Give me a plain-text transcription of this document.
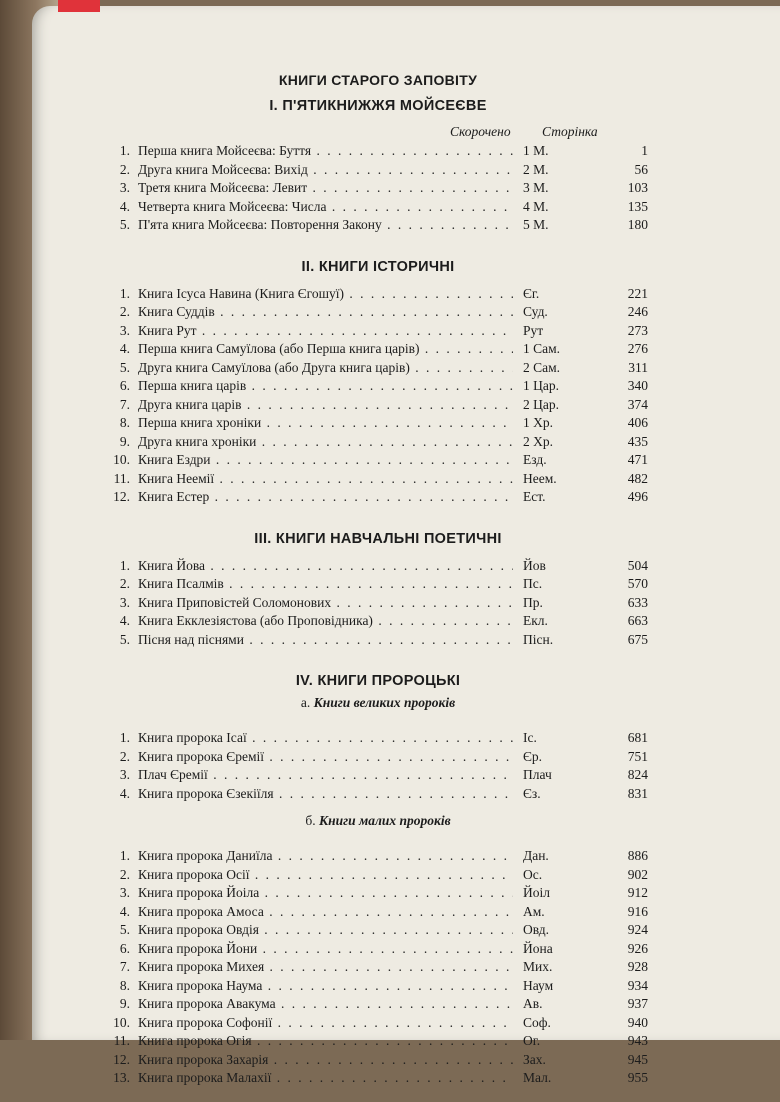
КНИГИ СТАРОГО ЗАПОВІТУ
І. П'ЯТИКНИЖЖЯ МОЙСЕЄВЕ
Скорочено Сторінка
1. Перша книга Мойсеєва: Буття . . .	1 М.	1
2. Друга книга Мойсеєва: Вихід . . .	2 М.	56
3. Третя книга Мойсеєва: Левит . . .	3 М.	103
4. Четверта книга Мойсеєва: Числа . . .	4 М.	135
5. П'ята книга Мойсеєва: Повторення Закону . . .	5 М.	180
II. КНИГИ ІСТОРИЧНІ
1. Книга Ісуса Навина (Книга Єгошуї) . . .	Єг.	221
2. Книга Суддів . . .	Суд.	246
3. Книга Рут . . .	Рут	273
4. Перша книга Самуїлова (або Перша книга царів) . . .	1 Сам.	276
5. Друга книга Самуїлова (або Друга книга царів) . . .	2 Сам.	311
6. Перша книга царів . . .	1 Цар.	340
7. Друга книга царів . . .	2 Цар.	374
8. Перша книга хроніки . . .	1 Хр.	406
9. Друга книга хроніки . . .	2 Хр.	435
10. Книга Ездри . . .	Езд.	471
11. Книга Неемії . . .	Неем.	482
12. Книга Естер . . .	Ест.	496
III. КНИГИ НАВЧАЛЬНІ ПОЕТИЧНІ
1. Книга Йова . . .	Йов	504
2. Книга Псалмів . . .	Пс.	570
3. Книга Приповістей Соломонових . . .	Пр.	633
4. Книга Екклезіястова (або Проповідника) . . .	Екл.	663
5. Пісня над піснями . . .	Пісн.	675
IV. КНИГИ ПРОРОЦЬКІ
а. Книги великих пророків
1. Книга пророка Ісаї . . .	Іс.	681
2. Книга пророка Єремії . . .	Єр.	751
3. Плач Єремії . . .	Плач	824
4. Книга пророка Єзекіїля . . .	Єз.	831
б. Книги малих пророків
1. Книга пророка Даниїла . . .	Дан.	886
2. Книга пророка Осії . . .	Ос.	902
3. Книга пророка Йоіла . . .	Йоіл	912
4. Книга пророка Амоса . . .	Ам.	916
5. Книга пророка Овдія . . .	Овд.	924
6. Книга пророка Йони . . .	Йона	926
7. Книга пророка Михея . . .	Мих.	928
8. Книга пророка Наума . . .	Наум	934
9. Книга пророка Авакума . . .	Ав.	937
10. Книга пророка Софонії . . .	Соф.	940
11. Книга пророка Огія . . .	Ог.	943
12. Книга пророка Захарія . . .	Зах.	945
13. Книга пророка Малахії . . .	Мал.	955
